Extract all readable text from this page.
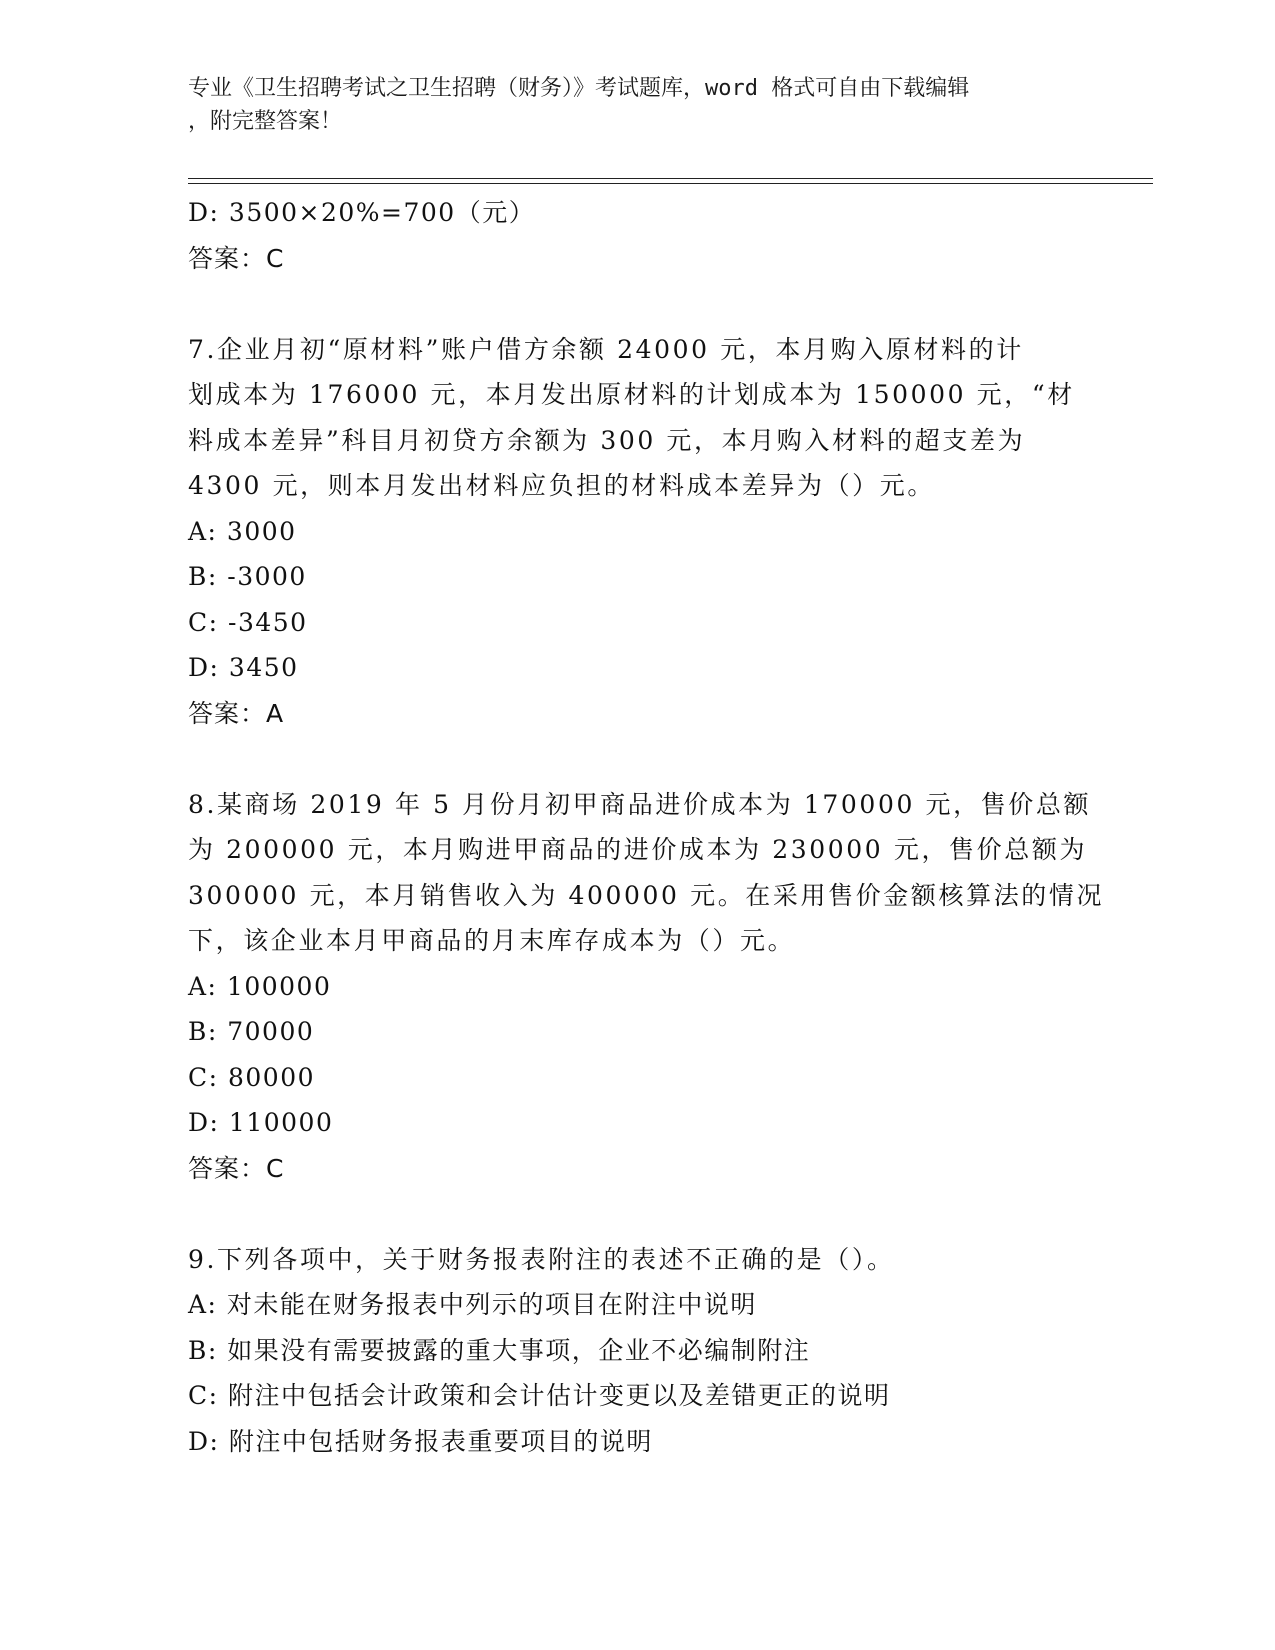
专业《卫生招聘考试之卫生招聘（财务）》考试题库，word 格式可自由下载编辑
，附完整答案！
D: 3500×20%=700（元）
答案：C
7.企业月初“原材料”账户借方余额 24000 元，本月购入原材料的计
划成本为 176000 元，本月发出原材料的计划成本为 150000 元，“材
料成本差异”科目月初贷方余额为 300 元，本月购入材料的超支差为
4300 元，则本月发出材料应负担的材料成本差异为（）元。
A: 3000
B: -3000
C: -3450
D: 3450
答案：A
8.某商场 2019 年 5 月份月初甲商品进价成本为 170000 元，售价总额
为 200000 元，本月购进甲商品的进价成本为 230000 元，售价总额为
300000 元，本月销售收入为 400000 元。在采用售价金额核算法的情况
下，该企业本月甲商品的月末库存成本为（）元。
A: 100000
B: 70000
C: 80000
D: 110000
答案：C
9.下列各项中，关于财务报表附注的表述不正确的是（）。
A: 对未能在财务报表中列示的项目在附注中说明
B: 如果没有需要披露的重大事项，企业不必编制附注
C: 附注中包括会计政策和会计估计变更以及差错更正的说明
D: 附注中包括财务报表重要项目的说明
